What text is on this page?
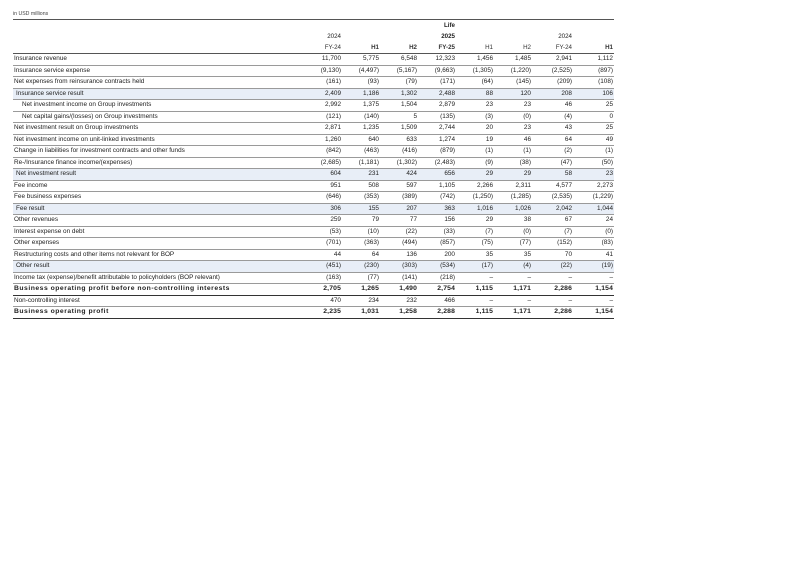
in USD millions
				Life				
	2024			2025			2024	
	FY-24	H1	H2	FY-25	H1	H2	FY-24	H1
Insurance revenue	11,700	5,775	6,548	12,323	1,456	1,485	2,941	1,112
Insurance service expense	(9,130)	(4,497)	(5,167)	(9,663)	(1,305)	(1,220)	(2,525)	(897)
Net expenses from reinsurance contracts held	(161)	(93)	(79)	(171)	(64)	(145)	(209)	(108)
Insurance service result	2,409	1,186	1,302	2,488	88	120	208	106
Net investment income on Group investments	2,992	1,375	1,504	2,879	23	23	46	25
Net capital gains/(losses) on Group investments	(121)	(140)	5	(135)	(3)	(0)	(4)	0
Net investment result on Group investments	2,871	1,235	1,509	2,744	20	23	43	25
Net investment income on unit-linked investments	1,260	640	633	1,274	19	46	64	49
Change in liabilities for investment contracts and other funds	(842)	(463)	(416)	(879)	(1)	(1)	(2)	(1)
Re-/Insurance finance income/(expenses)	(2,685)	(1,181)	(1,302)	(2,483)	(9)	(38)	(47)	(50)
Net investment result	604	231	424	656	29	29	58	23
Fee income	951	508	597	1,105	2,266	2,311	4,577	2,273
Fee business expenses	(646)	(353)	(389)	(742)	(1,250)	(1,285)	(2,535)	(1,229)
Fee result	306	155	207	363	1,016	1,026	2,042	1,044
Other revenues	259	79	77	156	29	38	67	24
Interest expense on debt	(53)	(10)	(22)	(33)	(7)	(0)	(7)	(0)
Other expenses	(701)	(363)	(494)	(857)	(75)	(77)	(152)	(83)
Restructuring costs and other items not relevant for BOP	44	64	136	200	35	35	70	41
Other result	(451)	(230)	(303)	(534)	(17)	(4)	(22)	(19)
Income tax (expense)/benefit attributable to policyholders (BOP relevant)	(163)	(77)	(141)	(218)	–	–	–	–
Business operating profit before non-controlling interests	2,705	1,265	1,490	2,754	1,115	1,171	2,286	1,154
Non-controlling interest	470	234	232	466	–	–	–	–
Business operating profit	2,235	1,031	1,258	2,288	1,115	1,171	2,286	1,154
